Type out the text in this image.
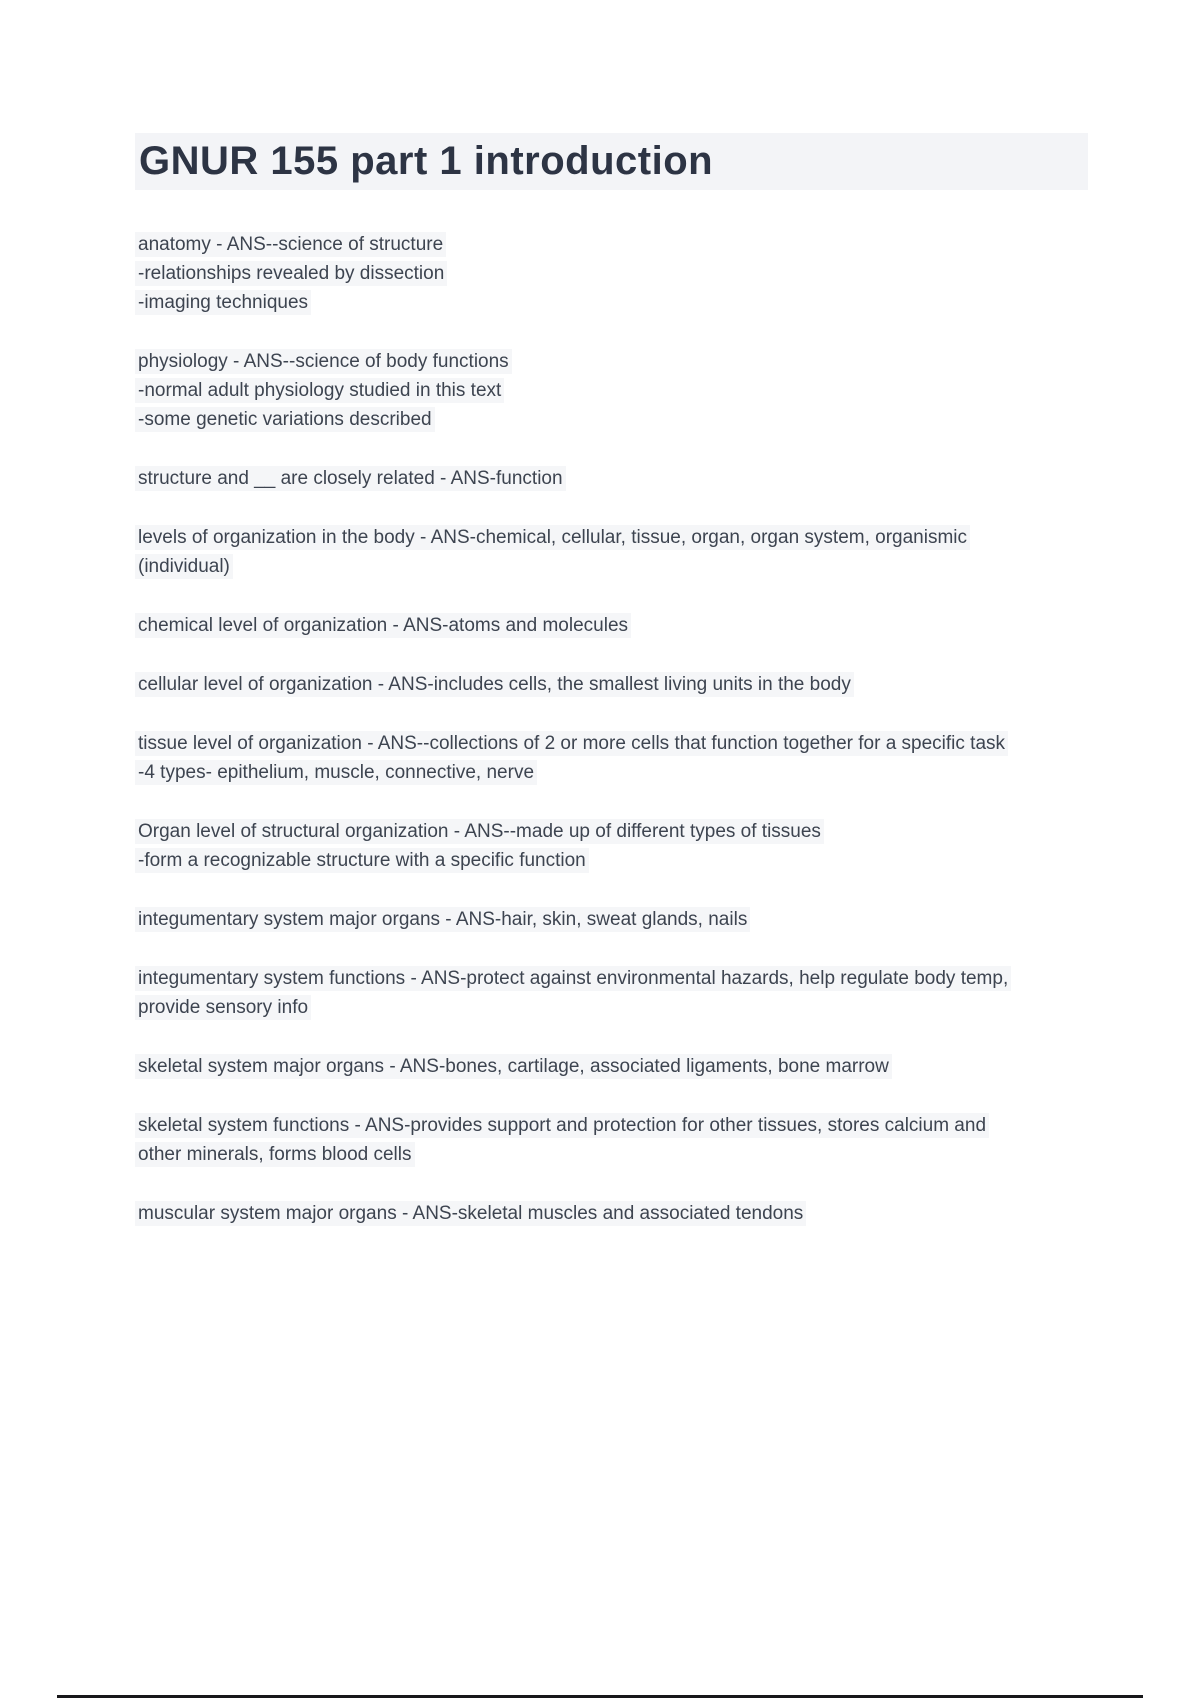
GNUR 155 part 1 introduction

anatomy - ANS--science of structure
-relationships revealed by dissection
-imaging techniques

physiology - ANS--science of body functions
-normal adult physiology studied in this text
-some genetic variations described

structure and __ are closely related - ANS-function

levels of organization in the body - ANS-chemical, cellular, tissue, organ, organ system, organismic (individual)

chemical level of organization - ANS-atoms and molecules

cellular level of organization - ANS-includes cells, the smallest living units in the body

tissue level of organization - ANS--collections of 2 or more cells that function together for a specific task
-4 types- epithelium, muscle, connective, nerve

Organ level of structural organization - ANS--made up of different types of tissues
-form a recognizable structure with a specific function

integumentary system major organs - ANS-hair, skin, sweat glands, nails

integumentary system functions - ANS-protect against environmental hazards, help regulate body temp, provide sensory info

skeletal system major organs - ANS-bones, cartilage, associated ligaments, bone marrow

skeletal system functions - ANS-provides support and protection for other tissues, stores calcium and other minerals, forms blood cells

muscular system major organs - ANS-skeletal muscles and associated tendons
